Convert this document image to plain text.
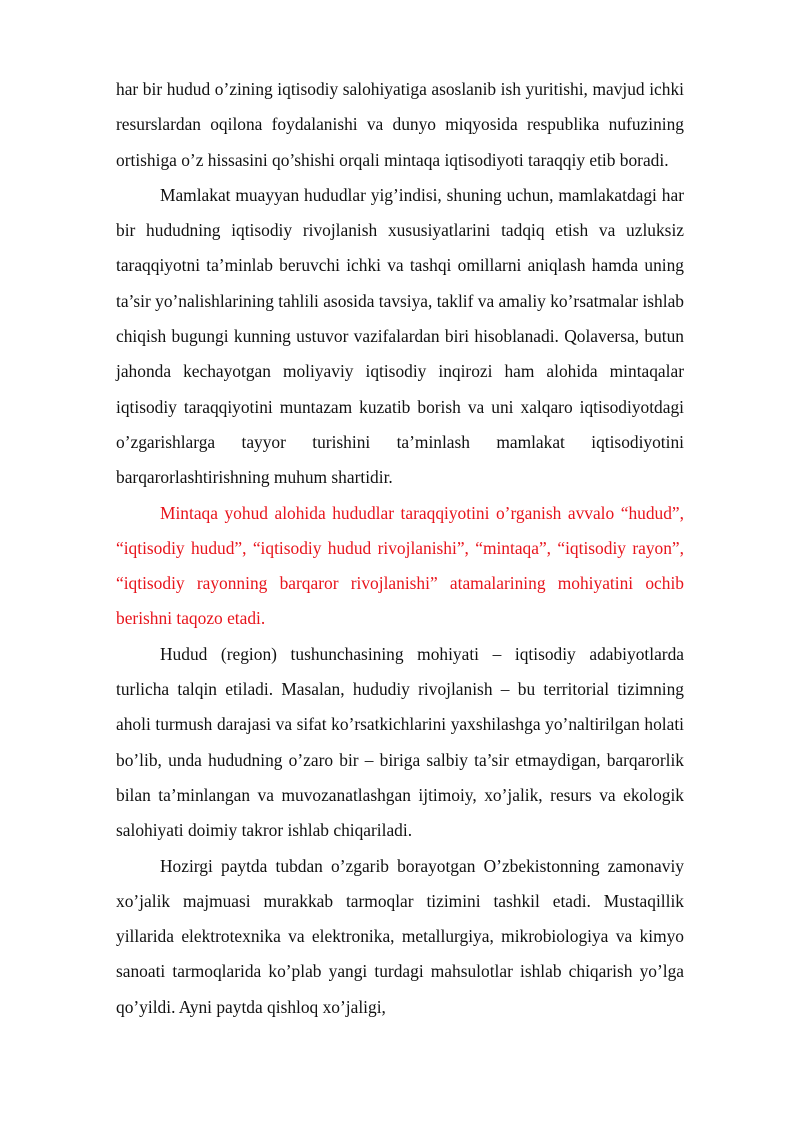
har bir hudud o’zining iqtisodiy salohiyatiga asoslanib ish yuritishi, mavjud ichki resurslardan oqilona foydalanishi va dunyo miqyosida respublika nufuzining ortishiga o’z hissasini qo’shishi orqali mintaqa iqtisodiyoti taraqqiy etib boradi.

Mamlakat muayyan hududlar yig’indisi, shuning uchun, mamlakatdagi har bir hududning iqtisodiy rivojlanish xususiyatlarini tadqiq etish va uzluksiz taraqqiyotni ta’minlab beruvchi ichki va tashqi omillarni aniqlash hamda uning ta’sir yo’nalishlarining tahlili asosida tavsiya, taklif va amaliy ko’rsatmalar ishlab chiqish bugungi kunning ustuvor vazifalardan biri hisoblanadi. Qolaversa, butun jahonda kechayotgan moliyaviy iqtisodiy inqirozi ham alohida mintaqalar iqtisodiy taraqqiyotini muntazam kuzatib borish va uni xalqaro iqtisodiyotdagi o’zgarishlarga tayyor turishini ta’minlash mamlakat iqtisodiyotini barqarorlashtirishning muhum shartidir.

Mintaqa yohud alohida hududlar taraqqiyotini o’rganish avvalo “hudud”, “iqtisodiy hudud”, “iqtisodiy hudud rivojlanishi”, “mintaqa”, “iqtisodiy rayon”, “iqtisodiy rayonning barqaror rivojlanishi” atamalarining mohiyatini ochib berishni taqozo etadi.

Hudud (region) tushunchasining mohiyati – iqtisodiy adabiyotlarda turlicha talqin etiladi. Masalan, hududiy rivojlanish – bu territorial tizimning aholi turmush darajasi va sifat ko’rsatkichlarini yaxshilashga yo’naltirilgan holati bo’lib, unda hududning o’zaro bir – biriga salbiy ta’sir etmaydigan, barqarorlik bilan ta’minlangan va muvozanatlashgan ijtimoiy, xo’jalik, resurs va ekologik salohiyati doimiy takror ishlab chiqariladi.

Hozirgi paytda tubdan o’zgarib borayotgan O’zbekistonning zamonaviy xo’jalik majmuasi murakkab tarmoqlar tizimini tashkil etadi. Mustaqillik yillarida elektrotexnika va elektronika, metallurgiya, mikrobiologiya va kimyo sanoati tarmoqlarida ko’plab yangi turdagi mahsulotlar ishlab chiqarish yo’lga qo’yildi. Ayni paytda qishloq xo’jaligi,
